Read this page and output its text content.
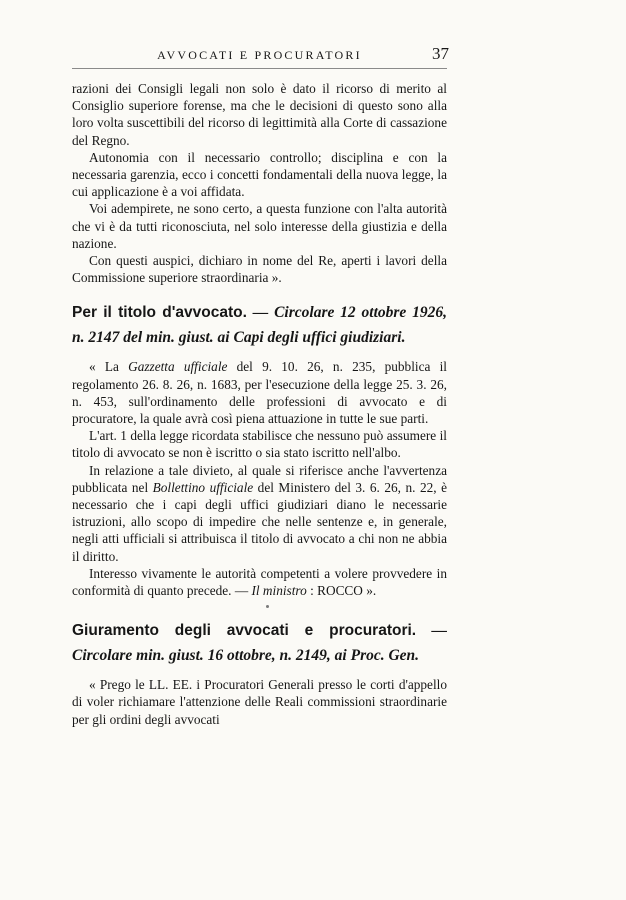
AVVOCATI E PROCURATORI	37

razioni dei Consigli legali non solo è dato il ricorso di merito al Consiglio superiore forense, ma che le decisioni di questo sono alla loro volta suscettibili del ricorso di legittimità alla Corte di cassazione del Regno.

Autonomia con il necessario controllo; disciplina e con la necessaria garenzia, ecco i concetti fondamentali della nuova legge, la cui applicazione è a voi affidata.

Voi adempirete, ne sono certo, a questa funzione con l'alta autorità che vi è da tutti riconosciuta, nel solo interesse della giustizia e della nazione.

Con questi auspici, dichiaro in nome del Re, aperti i lavori della Commissione superiore straordinaria ».

Per il titolo d'avvocato. — Circolare 12 ottobre 1926, n. 2147 del min. giust. ai Capi degli uffici giudiziari.

« La Gazzetta ufficiale del 9. 10. 26, n. 235, pubblica il regolamento 26. 8. 26, n. 1683, per l'esecuzione della legge 25. 3. 26, n. 453, sull'ordinamento delle professioni di avvocato e di procuratore, la quale avrà così piena attuazione in tutte le sue parti.

L'art. 1 della legge ricordata stabilisce che nessuno può assumere il titolo di avvocato se non è iscritto o sia stato iscritto nell'albo.

In relazione a tale divieto, al quale si riferisce anche l'avvertenza pubblicata nel Bollettino ufficiale del Ministero del 3. 6. 26, n. 22, è necessario che i capi degli uffici giudiziari diano le necessarie istruzioni, allo scopo di impedire che nelle sentenze e, in generale, negli atti ufficiali si attribuisca il titolo di avvocato a chi non ne abbia il diritto.

Interesso vivamente le autorità competenti a volere provvedere in conformità di quanto precede. — Il ministro : ROCCO ».

Giuramento degli avvocati e procuratori. — Circolare min. giust. 16 ottobre, n. 2149, ai Proc. Gen.

« Prego le LL. EE. i Procuratori Generali presso le corti d'appello di voler richiamare l'attenzione delle Reali commissioni straordinarie per gli ordini degli avvocati
